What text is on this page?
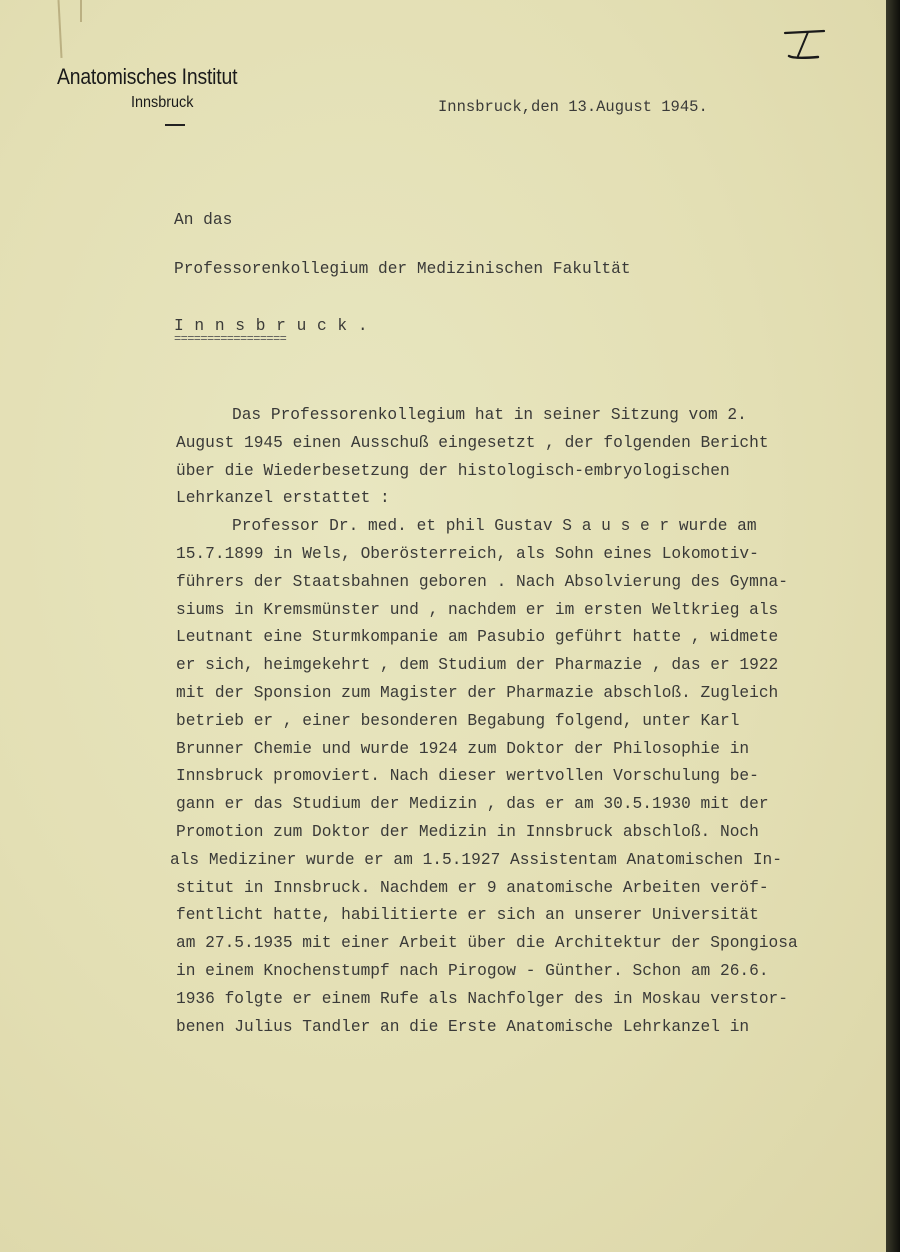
Anatomisches Institut
Innsbruck	Innsbruck,den 13.August 1945.
An das
Professorenkollegium der Medizinischen Fakultät
I n n s b r u c k .
=================
Das Professorenkollegium hat in seiner Sitzung vom 2.
August 1945 einen Ausschuß eingesetzt , der folgenden Bericht
über die Wiederbesetzung der histologisch-embryologischen
Lehrkanzel erstattet :
Professor Dr. med. et phil Gustav S a u s e r wurde am
15.7.1899 in Wels, Oberösterreich, als Sohn eines Lokomotiv-
führers der Staatsbahnen geboren . Nach Absolvierung des Gymna-
siums in Kremsmünster und , nachdem er im ersten Weltkrieg als
Leutnant eine Sturmkompanie am Pasubio geführt hatte , widmete
er sich, heimgekehrt , dem Studium der Pharmazie , das er 1922
mit der Sponsion zum Magister der Pharmazie abschloß. Zugleich
betrieb er , einer besonderen Begabung folgend, unter Karl
Brunner Chemie und wurde 1924 zum Doktor der Philosophie in
Innsbruck promoviert. Nach dieser wertvollen Vorschulung be-
gann er das Studium der Medizin , das er am 30.5.1930 mit der
Promotion zum Doktor der Medizin in Innsbruck abschloß. Noch
als Mediziner wurde er am 1.5.1927 Assistentam Anatomischen In-
stitut in Innsbruck. Nachdem er 9 anatomische Arbeiten veröf-
fentlicht hatte, habilitierte er sich an unserer Universität
am 27.5.1935 mit einer Arbeit über die Architektur der Spongiosa
in einem Knochenstumpf nach Pirogow - Günther. Schon am 26.6.
1936 folgte er einem Rufe als Nachfolger des in Moskau verstor-
benen Julius Tandler an die Erste Anatomische Lehrkanzel in
